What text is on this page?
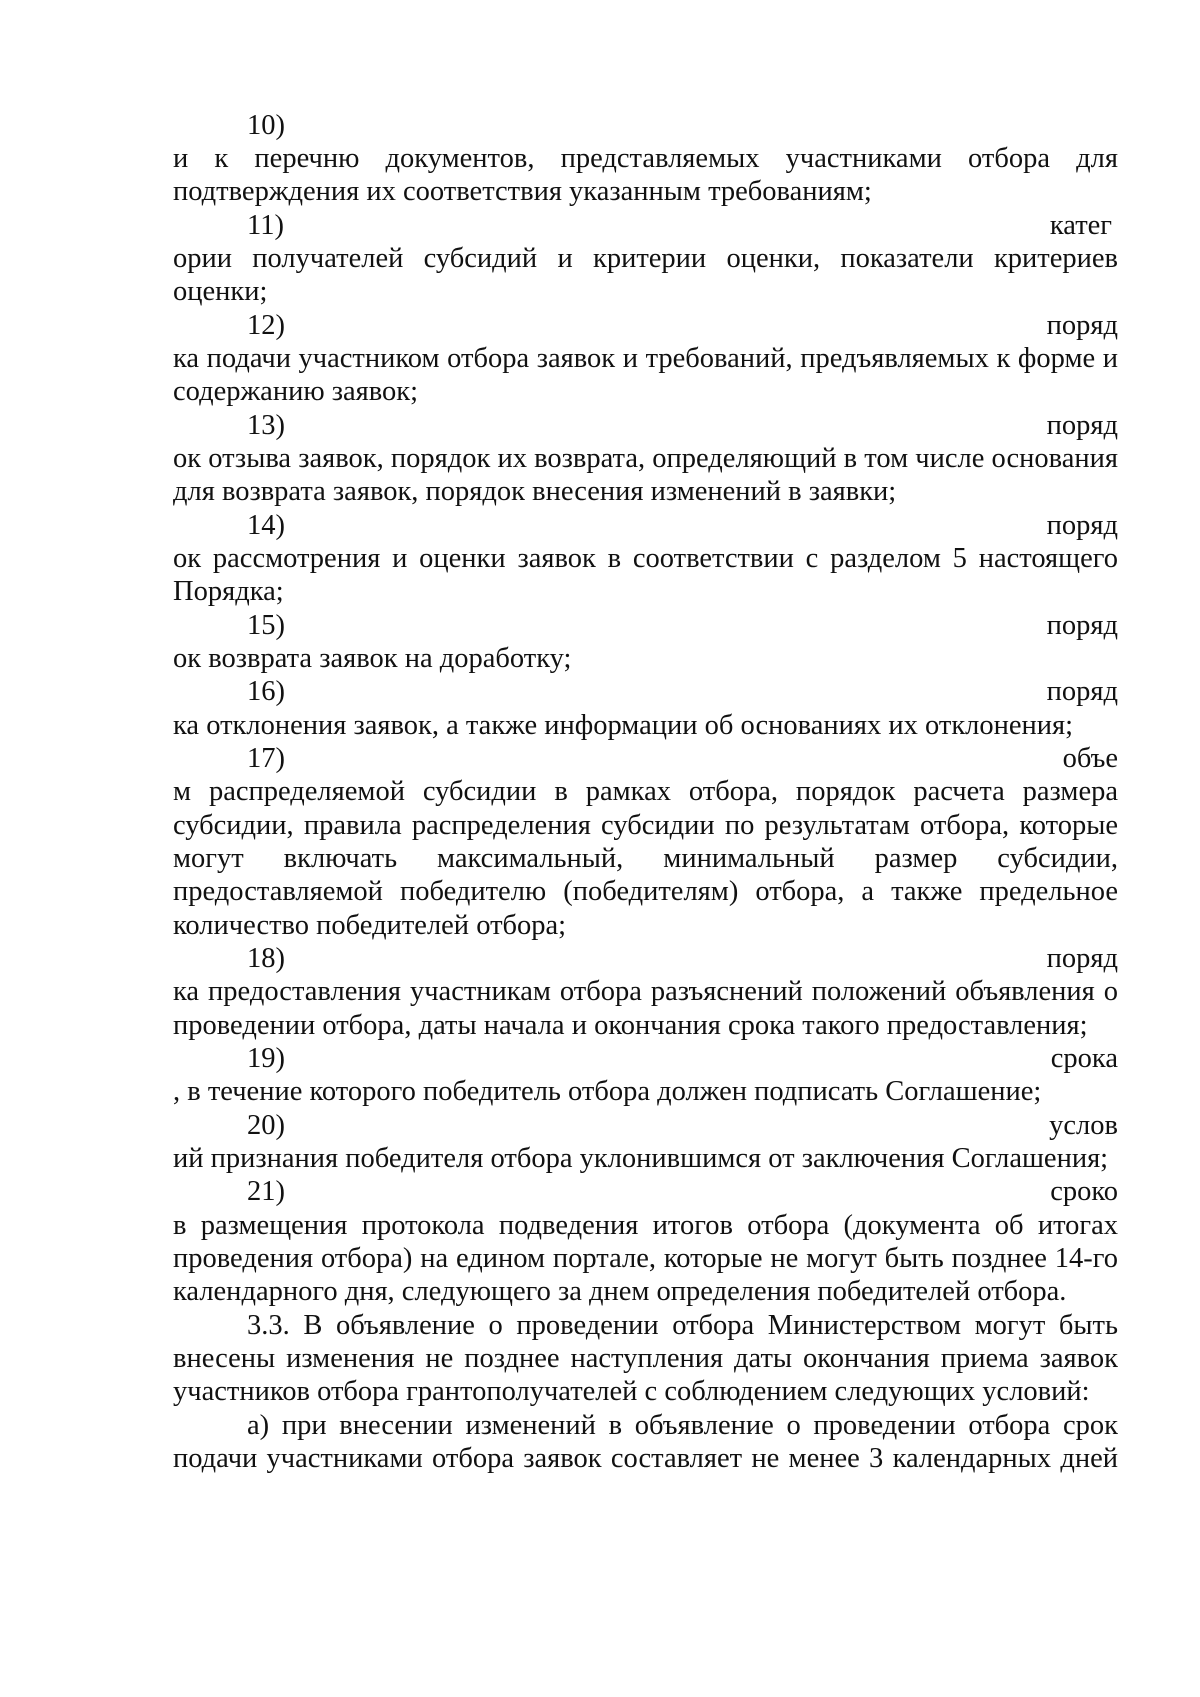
10)
и к перечню документов, представляемых участниками отбора для
подтверждения их соответствия указанным требованиям;
11)	катег
ории получателей субсидий и критерии оценки, показатели критериев
оценки;
12)	поряд
ка подачи участником отбора заявок и требований, предъявляемых к форме и
содержанию заявок;
13)	поряд
ок отзыва заявок, порядок их возврата, определяющий в том числе основания
для возврата заявок, порядок внесения изменений в заявки;
14)	поряд
ок рассмотрения и оценки заявок в соответствии с разделом 5 настоящего
Порядка;
15)	поряд
ок возврата заявок на доработку;
16)	поряд
ка отклонения заявок, а также информации об основаниях их отклонения;
17)	объе
м распределяемой субсидии в рамках отбора, порядок расчета размера
субсидии, правила распределения субсидии по результатам отбора, которые
могут включать максимальный, минимальный размер субсидии,
предоставляемой победителю (победителям) отбора, а также предельное
количество победителей отбора;
18)	поряд
ка предоставления участникам отбора разъяснений положений объявления о
проведении отбора, даты начала и окончания срока такого предоставления;
19)	срока
, в течение которого победитель отбора должен подписать Соглашение;
20)	услов
ий признания победителя отбора уклонившимся от заключения Соглашения;
21)	сроко
в размещения протокола подведения итогов отбора (документа об итогах
проведения отбора) на едином портале, которые не могут быть позднее 14-го
календарного дня, следующего за днем определения победителей отбора.
3.3. В объявление о проведении отбора Министерством могут быть
внесены изменения не позднее наступления даты окончания приема заявок
участников отбора грантополучателей с соблюдением следующих условий:
а) при внесении изменений в объявление о проведении отбора срок
подачи участниками отбора заявок составляет не менее 3 календарных дней
